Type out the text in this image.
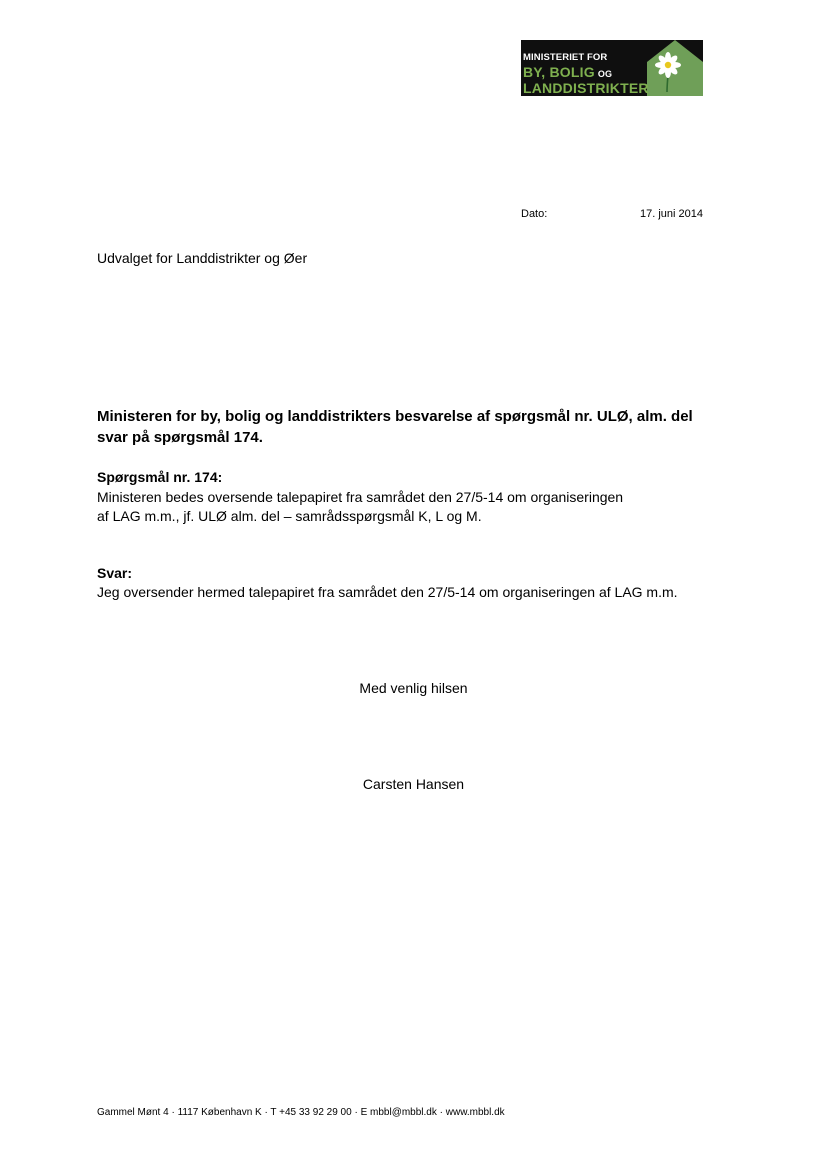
MINISTERIET FOR
BY, BOLIG OG
LANDDISTRIKTER
Dato:	17. juni 2014
Udvalget for Landdistrikter og Øer
Ministeren for by, bolig og landdistrikters besvarelse af spørgsmål nr. ULØ, alm. del svar på spørgsmål 174.
Spørgsmål nr. 174:
Ministeren bedes oversende talepapiret fra samrådet den 27/5-14 om organiseringen
af LAG m.m., jf. ULØ alm. del – samrådsspørgsmål K, L og M.
Svar:
Jeg oversender hermed talepapiret fra samrådet den 27/5-14 om organiseringen af LAG m.m.
Med venlig hilsen
Carsten Hansen
Gammel Mønt 4 · 1117 København K · T +45 33 92 29 00 · E mbbl@mbbl.dk · www.mbbl.dk
